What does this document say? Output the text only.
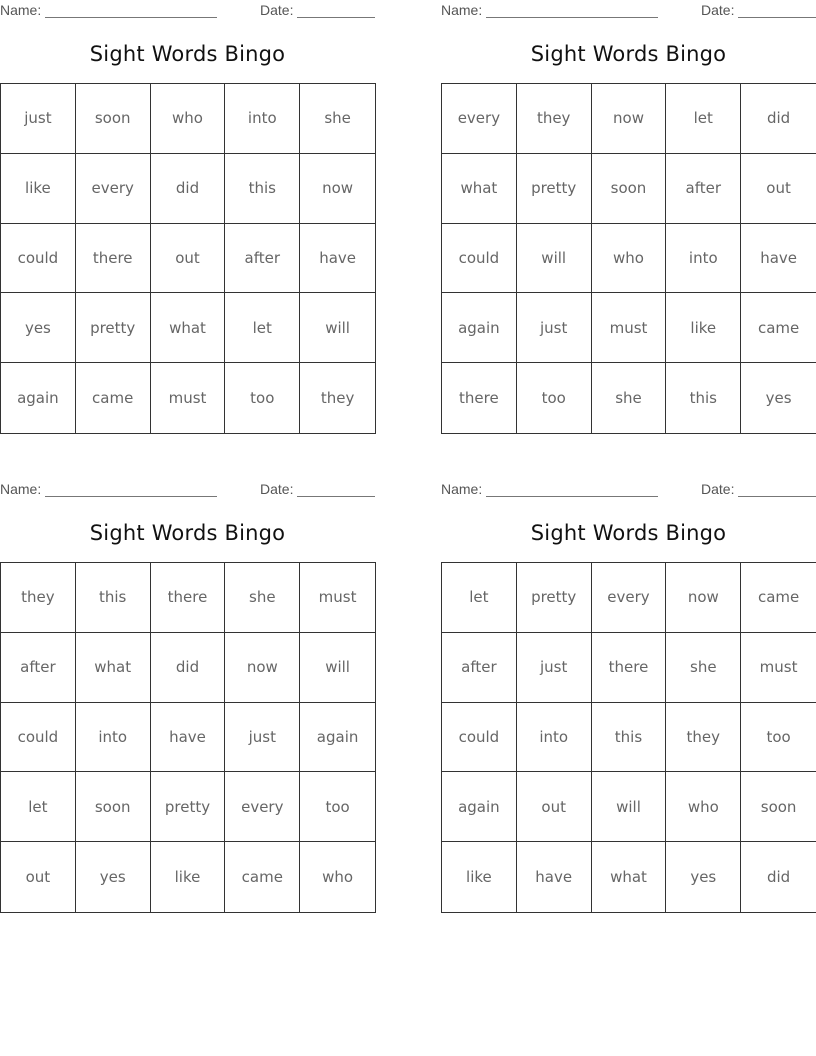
Name:	Date:
Sight Words Bingo
just	soon	who	into	she
like	every	did	this	now
could	there	out	after	have
yes	pretty	what	let	will
again	came	must	too	they
Name:	Date:
Sight Words Bingo
every	they	now	let	did
what	pretty	soon	after	out
could	will	who	into	have
again	just	must	like	came
there	too	she	this	yes
Name:	Date:
Sight Words Bingo
they	this	there	she	must
after	what	did	now	will
could	into	have	just	again
let	soon	pretty	every	too
out	yes	like	came	who
Name:	Date:
Sight Words Bingo
let	pretty	every	now	came
after	just	there	she	must
could	into	this	they	too
again	out	will	who	soon
like	have	what	yes	did
